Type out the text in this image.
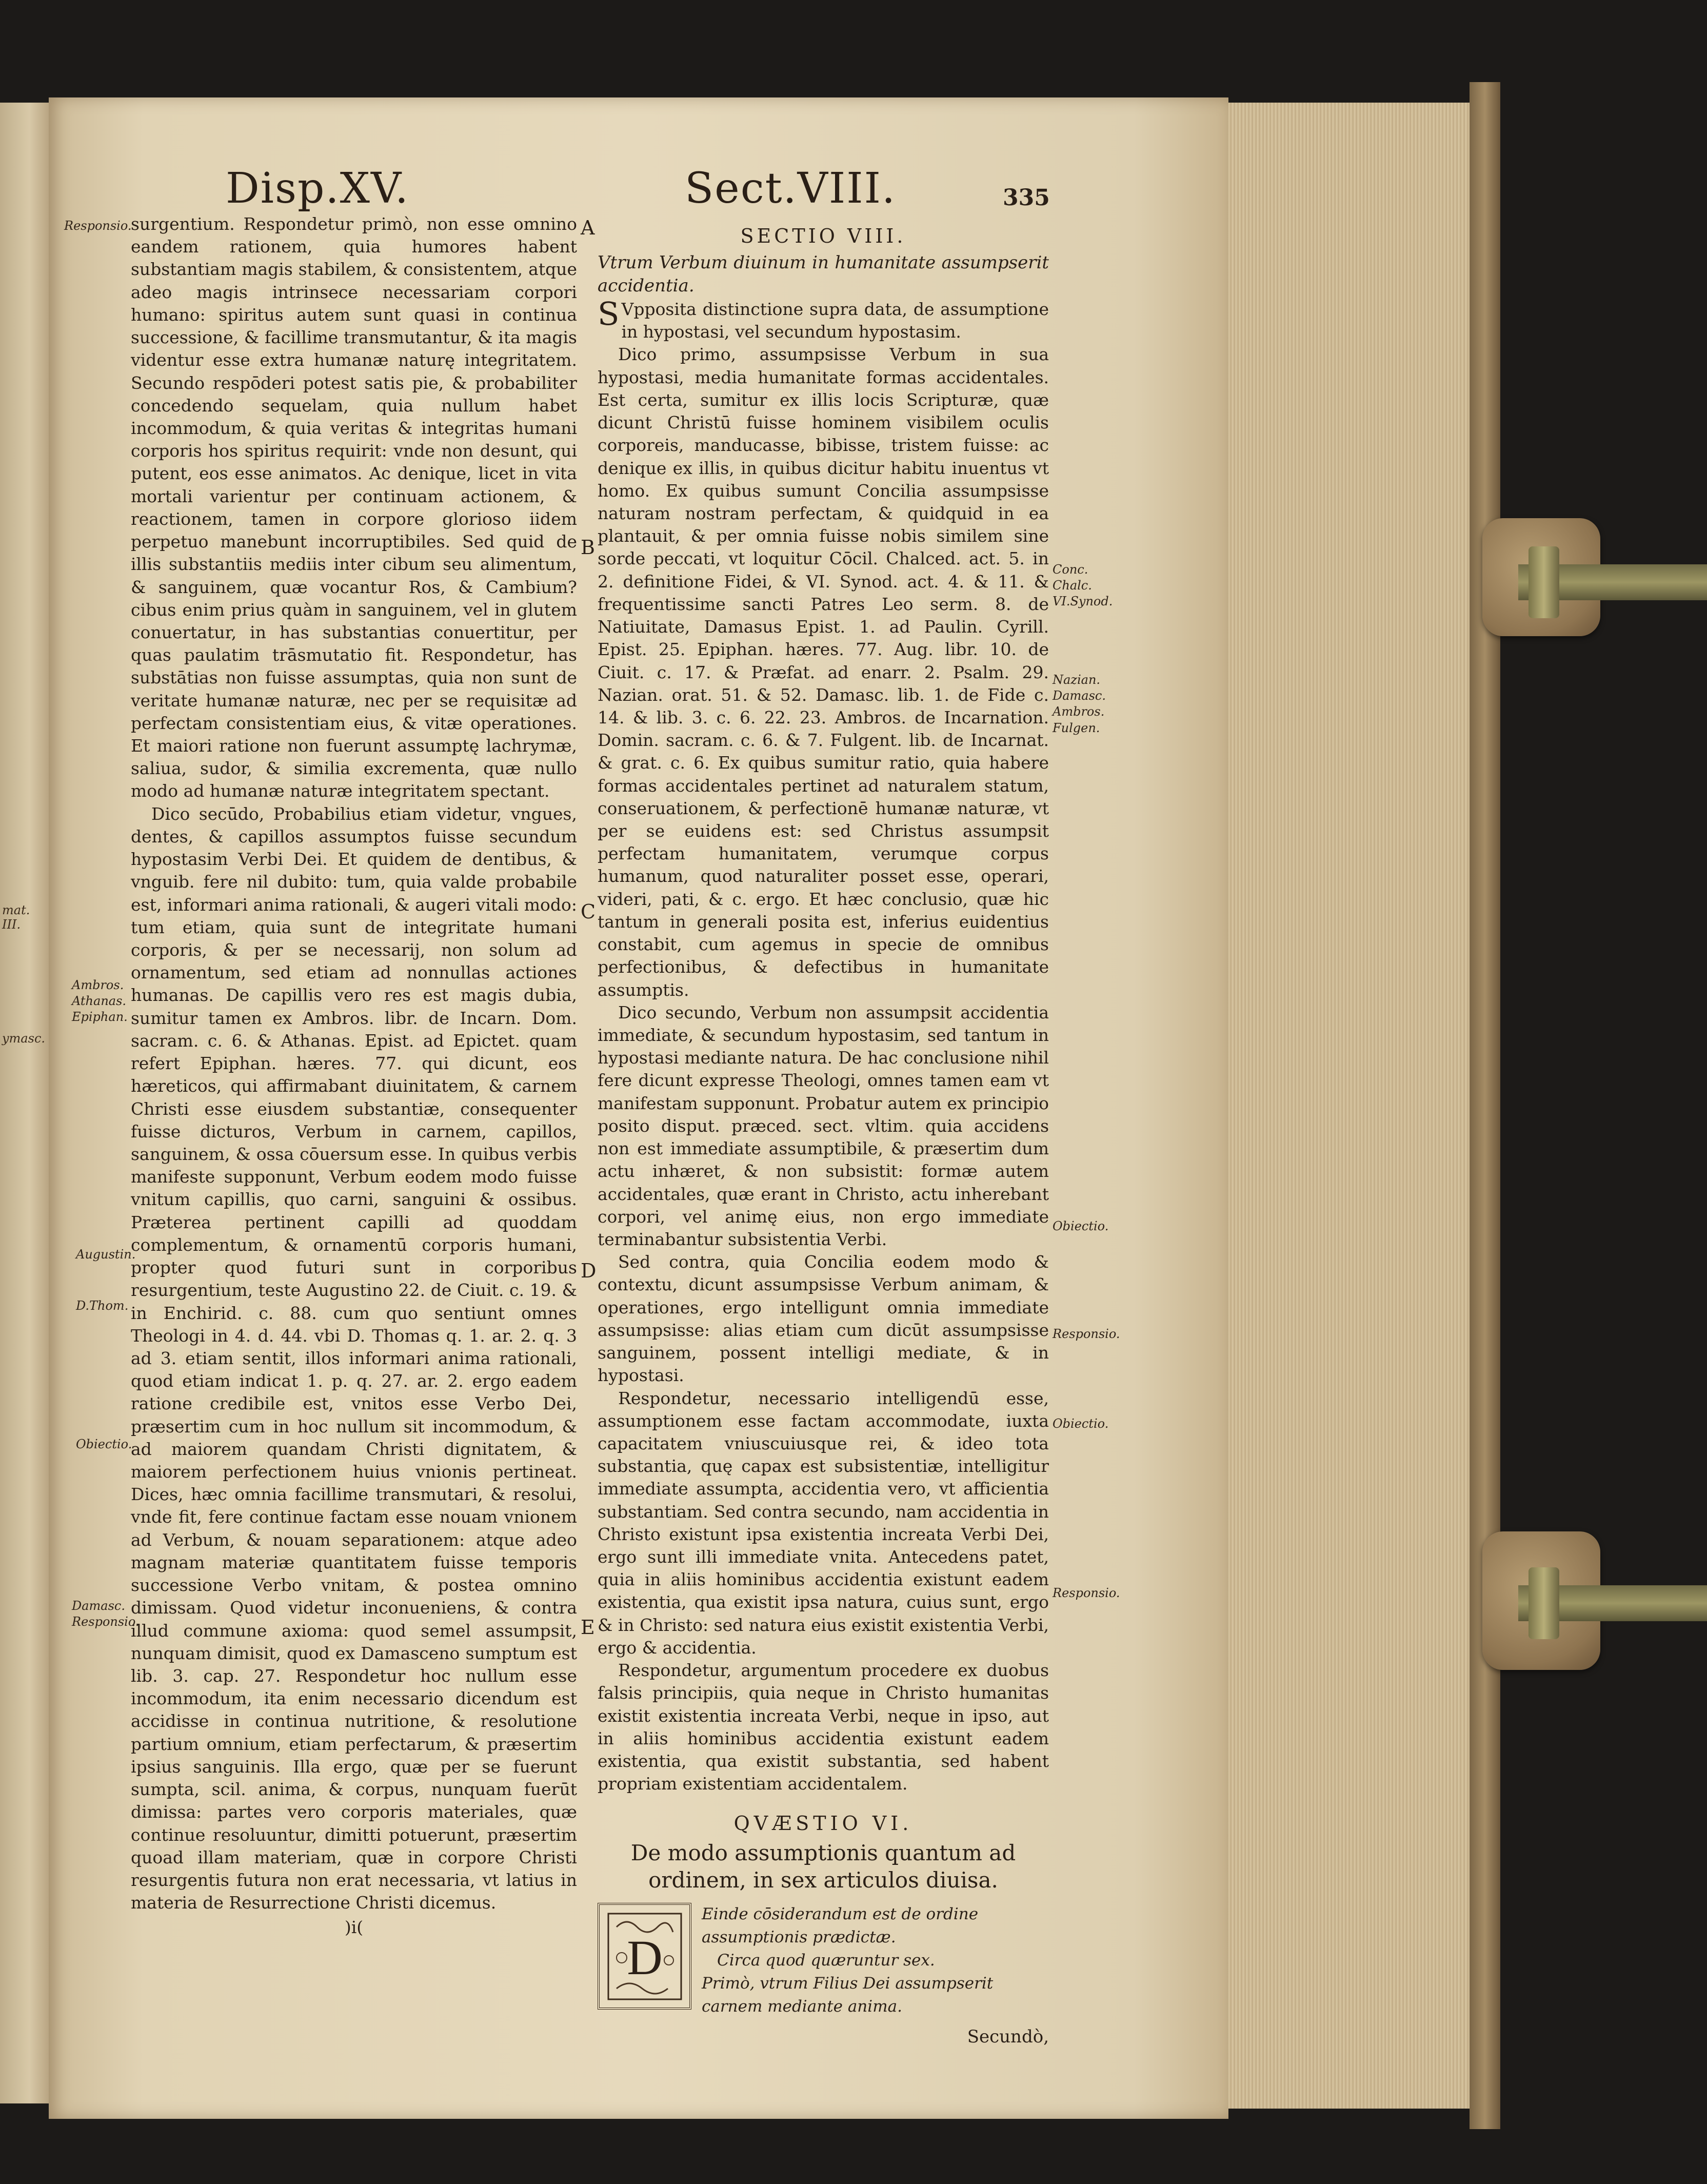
mat. III.
ymasc.
Disp.XV.	Sect.VIII.	335

surgentium. Respondetur primò, non esse omnino eandem rationem, quia humores habent substantiam magis stabilem, & consistentem, atque adeo magis intrinsece necessariam corpori humano: spiritus autem sunt quasi in continua successione, & facillime transmutantur, & ita magis videntur esse extra humanæ naturę integritatem. Secundo respōderi potest satis pie, & probabiliter concedendo sequelam, quia nullum habet incommodum, & quia veritas & integritas humani corporis hos spiritus requirit: vnde non desunt, qui putent, eos esse animatos. Ac denique, licet in vita mortali varientur per continuam actionem, & reactionem, tamen in corpore glorioso iidem perpetuo manebunt incorruptibiles. Sed quid de illis substantiis mediis inter cibum seu alimentum, & sanguinem, quæ vocantur Ros, & Cambium? cibus enim prius quàm in sanguinem, vel in glutem conuertatur, in has substantias conuertitur, per quas paulatim trāsmutatio fit. Respondetur, has substātias non fuisse assumptas, quia non sunt de veritate humanæ naturæ, nec per se requisitæ ad perfectam consistentiam eius, & vitæ operationes. Et maiori ratione non fuerunt assumptę lachrymæ, saliua, sudor, & similia excrementa, quæ nullo modo ad humanæ naturæ integritatem spectant.

Dico secūdo, Probabilius etiam videtur, vngues, dentes, & capillos assumptos fuisse secundum hypostasim Verbi Dei. Et quidem de dentibus, & vnguib. fere nil dubito: tum, quia valde probabile est, informari anima rationali, & augeri vitali modo: tum etiam, quia sunt de integritate humani corporis, & per se necessarij, non solum ad ornamentum, sed etiam ad nonnullas actiones humanas. De capillis vero res est magis dubia, sumitur tamen ex Ambros. libr. de Incarn. Dom. sacram. c. 6. & Athanas. Epist. ad Epictet. quam refert Epiphan. hæres. 77. qui dicunt, eos hæreticos, qui affirmabant diuinitatem, & carnem Christi esse eiusdem substantiæ, consequenter fuisse dicturos, Verbum in carnem, capillos, sanguinem, & ossa cōuersum esse. In quibus verbis manifeste supponunt, Verbum eodem modo fuisse vnitum capillis, quo carni, sanguini & ossibus. Præterea pertinent capilli ad quoddam complementum, & ornamentū corporis humani, propter quod futuri sunt in corporibus resurgentium, teste Augustino 22. de Ciuit. c. 19. & in Enchirid. c. 88. cum quo sentiunt omnes Theologi in 4. d. 44. vbi D. Thomas q. 1. ar. 2. q. 3 ad 3. etiam sentit, illos informari anima rationali, quod etiam indicat 1. p. q. 27. ar. 2. ergo eadem ratione credibile est, vnitos esse Verbo Dei, præsertim cum in hoc nullum sit incommodum, & ad maiorem quandam Christi dignitatem, & maiorem perfectionem huius vnionis pertineat. Dices, hæc omnia facillime transmutari, & resolui, vnde fit, fere continue factam esse nouam vnionem ad Verbum, & nouam separationem: atque adeo magnam materiæ quantitatem fuisse temporis successione Verbo vnitam, & postea omnino dimissam. Quod videtur inconueniens, & contra illud commune axioma: quod semel assumpsit, nunquam dimisit, quod ex Damasceno sumptum est lib. 3. cap. 27. Respondetur hoc nullum esse incommodum, ita enim necessario dicendum est accidisse in continua nutritione, & resolutione partium omnium, etiam perfectarum, & præsertim ipsius sanguinis. Illa ergo, quæ per se fuerunt sumpta, scil. anima, & corpus, nunquam fuerūt dimissa: partes vero corporis materiales, quæ continue resoluuntur, dimitti potuerunt, præsertim quoad illam materiam, quæ in corpore Christi resurgentis futura non erat necessaria, vt latius in materia de Resurrectione Christi dicemus.

)i(

SECTIO VIII.

Vtrum Verbum diuinum in humanitate assumpserit accidentia.

S Vpposita distinctione supra data, de assumptione in hypostasi, vel secundum hypostasim.

Dico primo, assumpsisse Verbum in sua hypostasi, media humanitate formas accidentales. Est certa, sumitur ex illis locis Scripturæ, quæ dicunt Christū fuisse hominem visibilem oculis corporeis, manducasse, bibisse, tristem fuisse: ac denique ex illis, in quibus dicitur habitu inuentus vt homo. Ex quibus sumunt Concilia assumpsisse naturam nostram perfectam, & quidquid in ea plantauit, & per omnia fuisse nobis similem sine sorde peccati, vt loquitur Cōcil. Chalced. act. 5. in 2. definitione Fidei, & VI. Synod. act. 4. & 11. & frequentissime sancti Patres Leo serm. 8. de Natiuitate, Damasus Epist. 1. ad Paulin. Cyrill. Epist. 25. Epiphan. hæres. 77. Aug. libr. 10. de Ciuit. c. 17. & Præfat. ad enarr. 2. Psalm. 29. Nazian. orat. 51. & 52. Damasc. lib. 1. de Fide c. 14. & lib. 3. c. 6. 22. 23. Ambros. de Incarnation. Domin. sacram. c. 6. & 7. Fulgent. lib. de Incarnat. & grat. c. 6. Ex quibus sumitur ratio, quia habere formas accidentales pertinet ad naturalem statum, conseruationem, & perfectionē humanæ naturæ, vt per se euidens est: sed Christus assumpsit perfectam humanitatem, verumque corpus humanum, quod naturaliter posset esse, operari, videri, pati, & c. ergo. Et hæc conclusio, quæ hic tantum in generali posita est, inferius euidentius constabit, cum agemus in specie de omnibus perfectionibus, & defectibus in humanitate assumptis.

Dico secundo, Verbum non assumpsit accidentia immediate, & secundum hypostasim, sed tantum in hypostasi mediante natura. De hac conclusione nihil fere dicunt expresse Theologi, omnes tamen eam vt manifestam supponunt. Probatur autem ex principio posito disput. præced. sect. vltim. quia accidens non est immediate assumptibile, & præsertim dum actu inhæret, & non subsistit: formæ autem accidentales, quæ erant in Christo, actu inherebant corpori, vel animę eius, non ergo immediate terminabantur subsistentia Verbi.

Sed contra, quia Concilia eodem modo & contextu, dicunt assumpsisse Verbum animam, & operationes, ergo intelligunt omnia immediate assumpsisse: alias etiam cum dicūt assumpsisse sanguinem, possent intelligi mediate, & in hypostasi.

Respondetur, necessario intelligendū esse, assumptionem esse factam accommodate, iuxta capacitatem vniuscuiusque rei, & ideo tota substantia, quę capax est subsistentiæ, intelligitur immediate assumpta, accidentia vero, vt afficientia substantiam. Sed contra secundo, nam accidentia in Christo existunt ipsa existentia increata Verbi Dei, ergo sunt illi immediate vnita. Antecedens patet, quia in aliis hominibus accidentia existunt eadem existentia, qua existit ipsa natura, cuius sunt, ergo & in Christo: sed natura eius existit existentia Verbi, ergo & accidentia.

Respondetur, argumentum procedere ex duobus falsis principiis, quia neque in Christo humanitas existit existentia increata Verbi, neque in ipso, aut in aliis hominibus accidentia existunt eadem existentia, qua existit substantia, sed habent propriam existentiam accidentalem.

QVÆSTIO VI.
De modo assumptionis quantum ad ordinem, in sex articulos diuisa.
D
Einde cōsiderandum est de ordine assumptionis prædictæ.
Circa quod quæruntur sex.
Primò, vtrum Filius Dei assumpserit carnem mediante anima.
Secundò,
A
B
C
D
E
Responsio.
Ambros. Athanas. Epiphan.
Augustin.
D.Thom.
Obiectio.
Damasc. Responsio.
Conc. Chalc. VI.Synod.
Nazian. Damasc. Ambros. Fulgen.
Obiectio.
Responsio.
Obiectio.
Responsio.
